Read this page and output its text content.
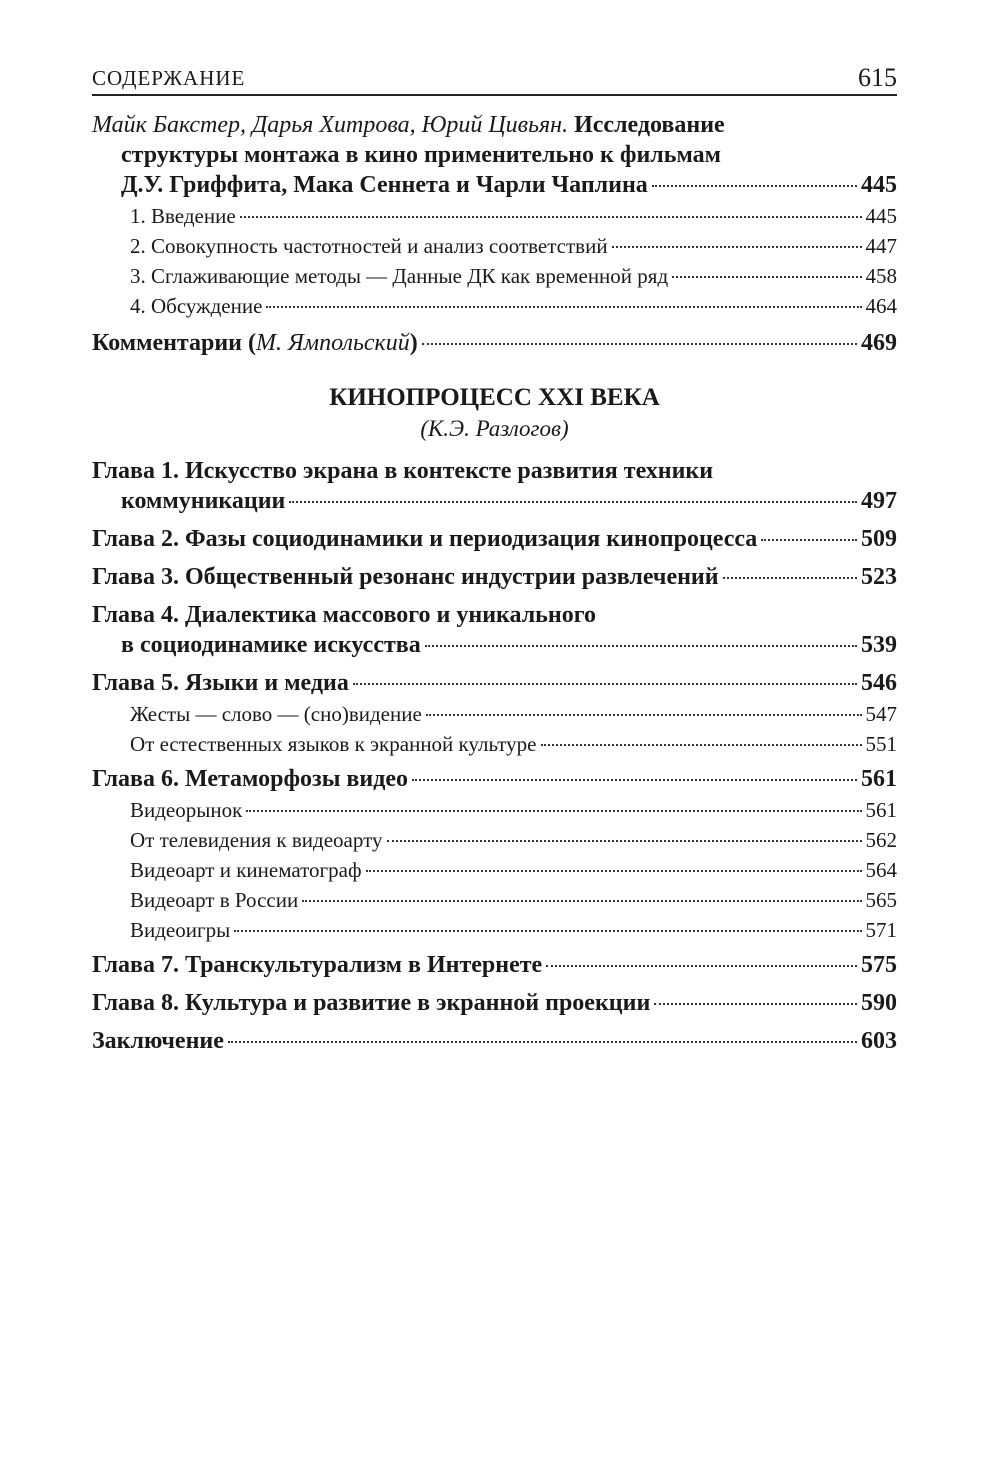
СОДЕРЖАНИЕ	615
Майк Бакстер, Дарья Хитрова, Юрий Цивьян. Исследование
структуры монтажа в кино применительно к фильмам
Д.У. Гриффита, Мака Сеннета и Чарли Чаплина	445
1. Введение	445
2. Совокупность частотностей и анализ соответствий	447
3. Сглаживающие методы — Данные ДК как временной ряд	458
4. Обсуждение	464
Комментарии (М. Ямпольский)	469
КИНОПРОЦЕСС XXI ВЕКА
(К.Э. Разлогов)
Глава 1. Искусство экрана в контексте развития техники
коммуникации	497
Глава 2. Фазы социодинамики и периодизация кинопроцесса	509
Глава 3. Общественный резонанс индустрии развлечений	523
Глава 4. Диалектика массового и уникального
в социодинамике искусства	539
Глава 5. Языки и медиа	546
Жесты — слово — (сно)видение	547
От естественных языков к экранной культуре	551
Глава 6. Метаморфозы видео	561
Видеорынок	561
От телевидения к видеоарту	562
Видеоарт и кинематограф	564
Видеоарт в России	565
Видеоигры	571
Глава 7. Транскультурализм в Интернете	575
Глава 8. Культура и развитие в экранной проекции	590
Заключение	603
